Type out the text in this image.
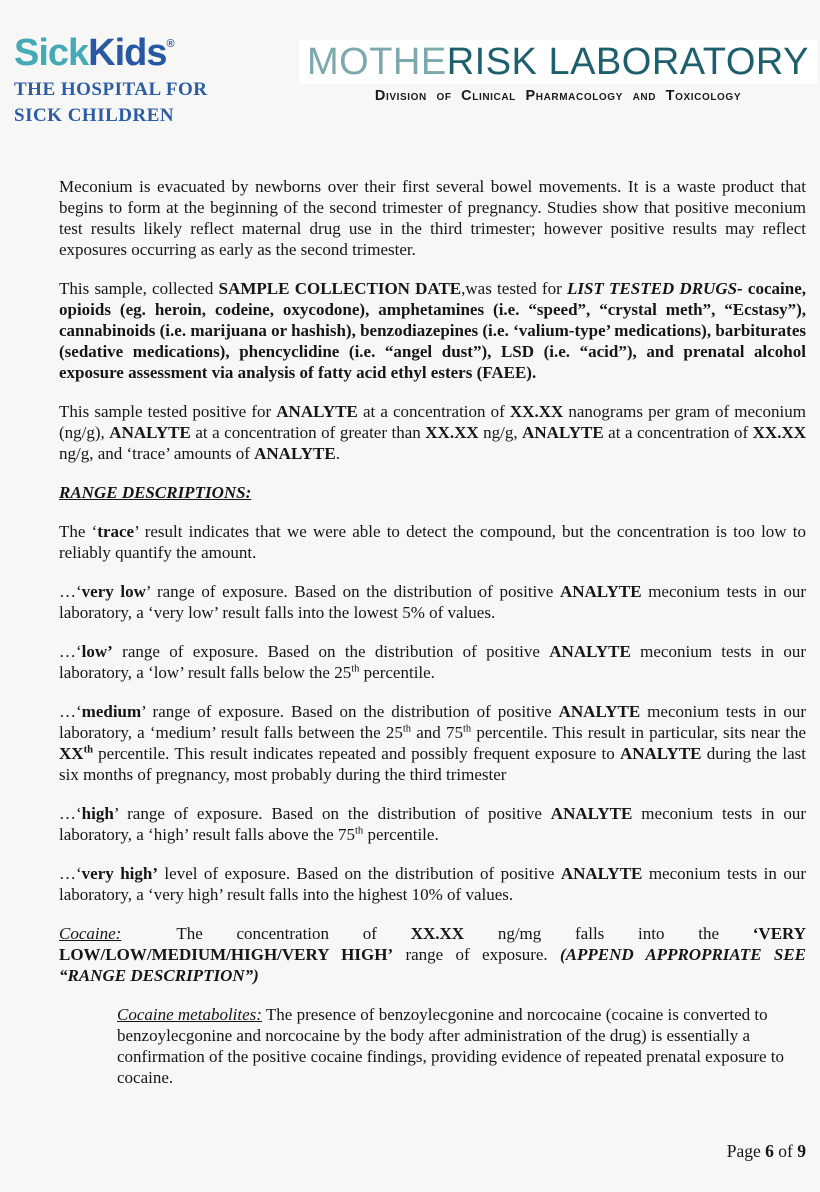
SickKids®
THE HOSPITAL FOR
SICK CHILDREN
MOTHERISK LABORATORY
Division of Clinical Pharmacology and Toxicology

Meconium is evacuated by newborns over their first several bowel movements. It is a waste product that begins to form at the beginning of the second trimester of pregnancy. Studies show that positive meconium test results likely reflect maternal drug use in the third trimester; however positive results may reflect exposures occurring as early as the second trimester.

This sample, collected SAMPLE COLLECTION DATE,was tested for LIST TESTED DRUGS- cocaine, opioids (eg. heroin, codeine, oxycodone), amphetamines (i.e. “speed”, “crystal meth”, “Ecstasy”), cannabinoids (i.e. marijuana or hashish), benzodiazepines (i.e. ‘valium-type’ medications), barbiturates (sedative medications), phencyclidine (i.e. “angel dust”), LSD (i.e. “acid”), and prenatal alcohol exposure assessment via analysis of fatty acid ethyl esters (FAEE).

This sample tested positive for ANALYTE at a concentration of XX.XX nanograms per gram of meconium (ng/g), ANALYTE at a concentration of greater than XX.XX ng/g, ANALYTE at a concentration of XX.XX ng/g, and ‘trace’ amounts of ANALYTE.

RANGE DESCRIPTIONS:

The ‘trace’ result indicates that we were able to detect the compound, but the concentration is too low to reliably quantify the amount.

…‘very low’ range of exposure. Based on the distribution of positive ANALYTE meconium tests in our laboratory, a ‘very low’ result falls into the lowest 5% of values.

…‘low’ range of exposure. Based on the distribution of positive ANALYTE meconium tests in our laboratory, a ‘low’ result falls below the 25th percentile.

…‘medium’ range of exposure. Based on the distribution of positive ANALYTE meconium tests in our laboratory, a ‘medium’ result falls between the 25th and 75th percentile. This result in particular, sits near the XXth percentile. This result indicates repeated and possibly frequent exposure to ANALYTE during the last six months of pregnancy, most probably during the third trimester

…‘high’ range of exposure. Based on the distribution of positive ANALYTE meconium tests in our laboratory, a ‘high’ result falls above the 75th percentile.

…‘very high’ level of exposure. Based on the distribution of positive ANALYTE meconium tests in our laboratory, a ‘very high’ result falls into the highest 10% of values.

Cocaine:	The concentration of XX.XX ng/mg falls into the ‘VERY LOW/LOW/MEDIUM/HIGH/VERY HIGH’ range of exposure. (APPEND APPROPRIATE SEE “RANGE DESCRIPTION”)

Cocaine metabolites: The presence of benzoylecgonine and norcocaine (cocaine is converted to benzoylecgonine and norcocaine by the body after administration of the drug) is essentially a confirmation of the positive cocaine findings, providing evidence of repeated prenatal exposure to cocaine.

Page 6 of 9
